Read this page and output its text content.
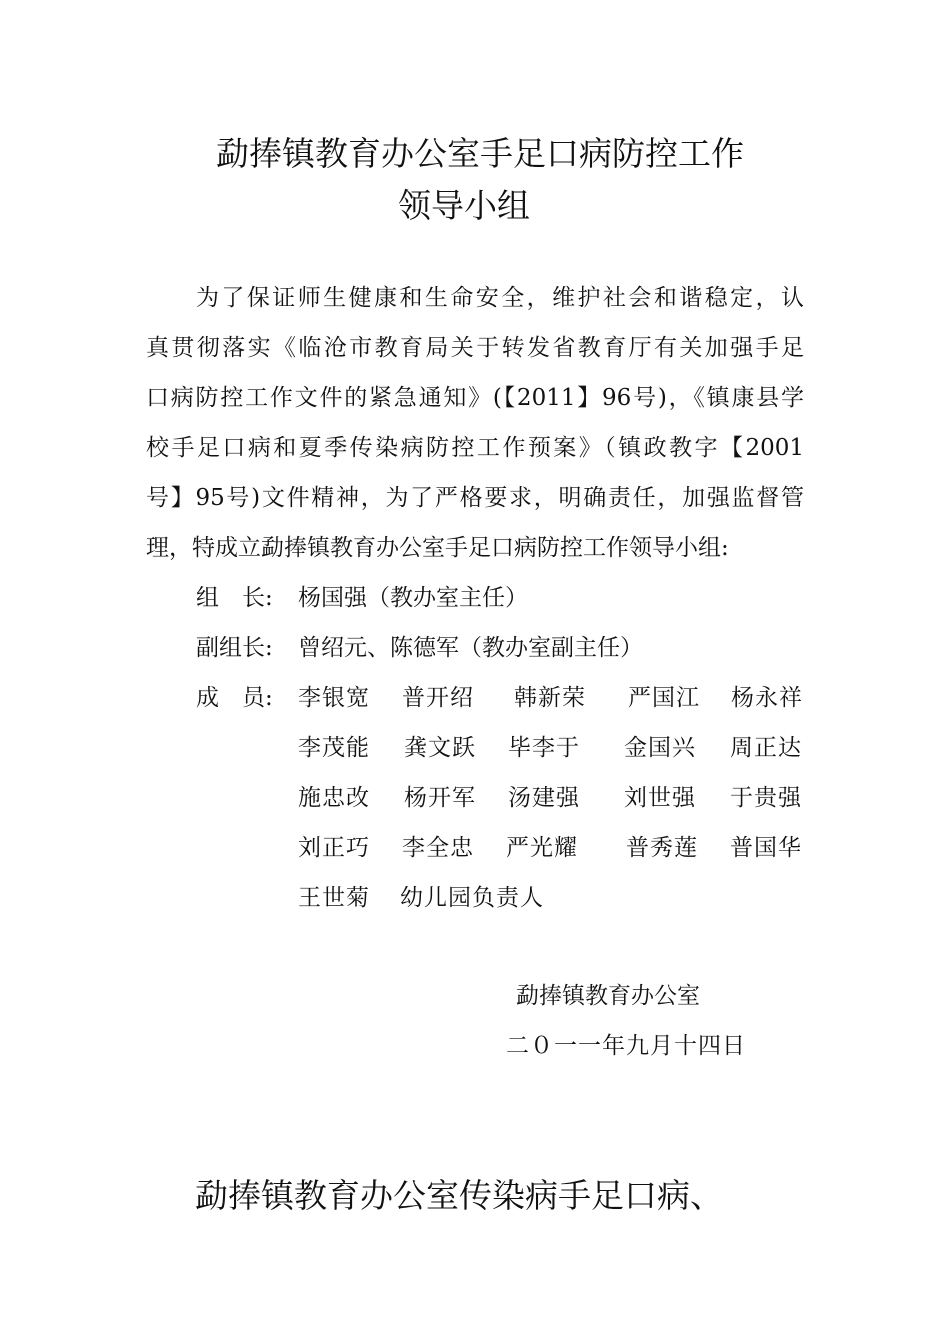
勐捧镇教育办公室手足口病防控工作
领导小组
为了保证师生健康和生命安全，维护社会和谐稳定，认
真贯彻落实《临沧市教育局关于转发省教育厅有关加强手足
口病防控工作文件的紧急通知》(【2011】96号)，《镇康县学
校手足口病和夏季传染病防控工作预案》（镇政教字【2001
号】95号)文件精神，为了严格要求，明确责任，加强监督管
理，特成立勐捧镇教育办公室手足口病防控工作领导小组:
组　长: 杨国强（教办室主任）
副组长: 曾绍元、陈德军（教办室副主任）
成　员: 李银宽 普开绍 韩新荣 严国江 杨永祥
李茂能 龚文跃 毕李于 金国兴 周正达
施忠改 杨开军 汤建强 刘世强 于贵强
刘正巧 李全忠 严光耀 普秀莲 普国华
王世菊 幼儿园负责人
勐捧镇教育办公室
二０一一年九月十四日
勐捧镇教育办公室传染病手足口病、
